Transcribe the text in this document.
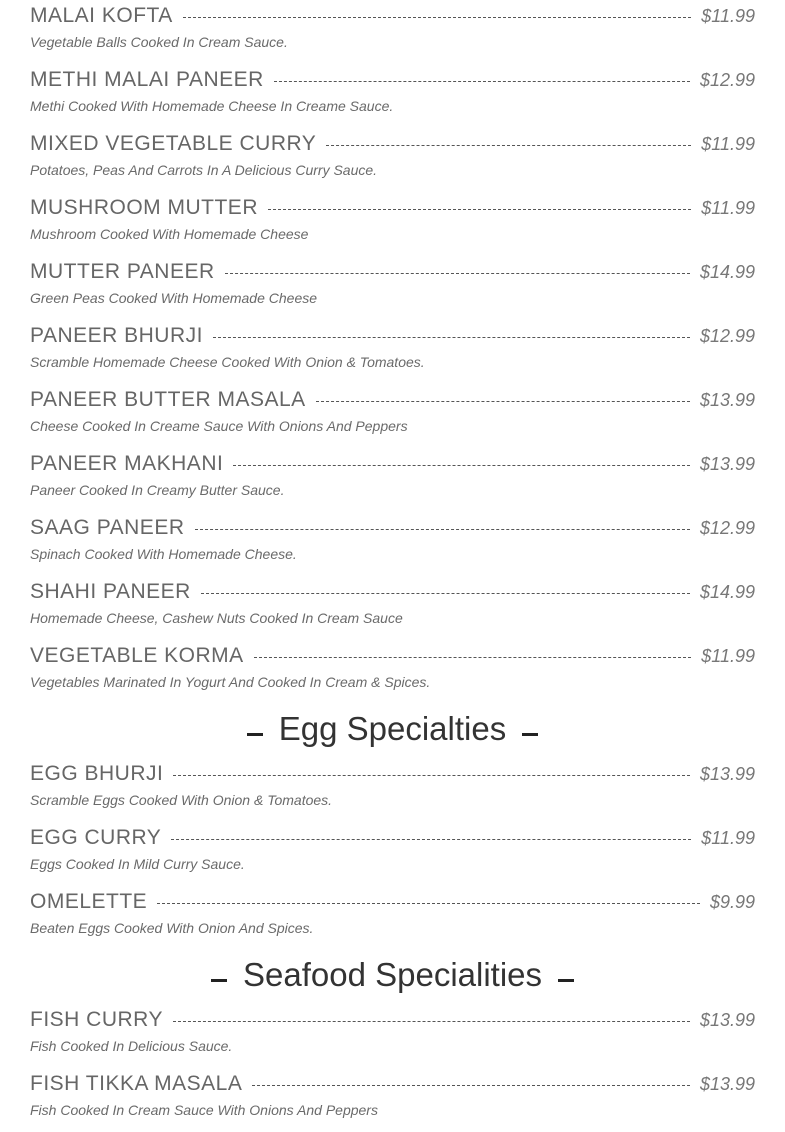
MALAI KOFTA	$11.99
Vegetable Balls Cooked In Cream Sauce.
METHI MALAI PANEER	$12.99
Methi Cooked With Homemade Cheese In Creame Sauce.
MIXED VEGETABLE CURRY	$11.99
Potatoes, Peas And Carrots In A Delicious Curry Sauce.
MUSHROOM MUTTER	$11.99
Mushroom Cooked With Homemade Cheese
MUTTER PANEER	$14.99
Green Peas Cooked With Homemade Cheese
PANEER BHURJI	$12.99
Scramble Homemade Cheese Cooked With Onion & Tomatoes.
PANEER BUTTER MASALA	$13.99
Cheese Cooked In Creame Sauce With Onions And Peppers
PANEER MAKHANI	$13.99
Paneer Cooked In Creamy Butter Sauce.
SAAG PANEER	$12.99
Spinach Cooked With Homemade Cheese.
SHAHI PANEER	$14.99
Homemade Cheese, Cashew Nuts Cooked In Cream Sauce
VEGETABLE KORMA	$11.99
Vegetables Marinated In Yogurt And Cooked In Cream & Spices.
Egg Specialties
EGG BHURJI	$13.99
Scramble Eggs Cooked With Onion & Tomatoes.
EGG CURRY	$11.99
Eggs Cooked In Mild Curry Sauce.
OMELETTE	$9.99
Beaten Eggs Cooked With Onion And Spices.
Seafood Specialities
FISH CURRY	$13.99
Fish Cooked In Delicious Sauce.
FISH TIKKA MASALA	$13.99
Fish Cooked In Cream Sauce With Onions And Peppers
